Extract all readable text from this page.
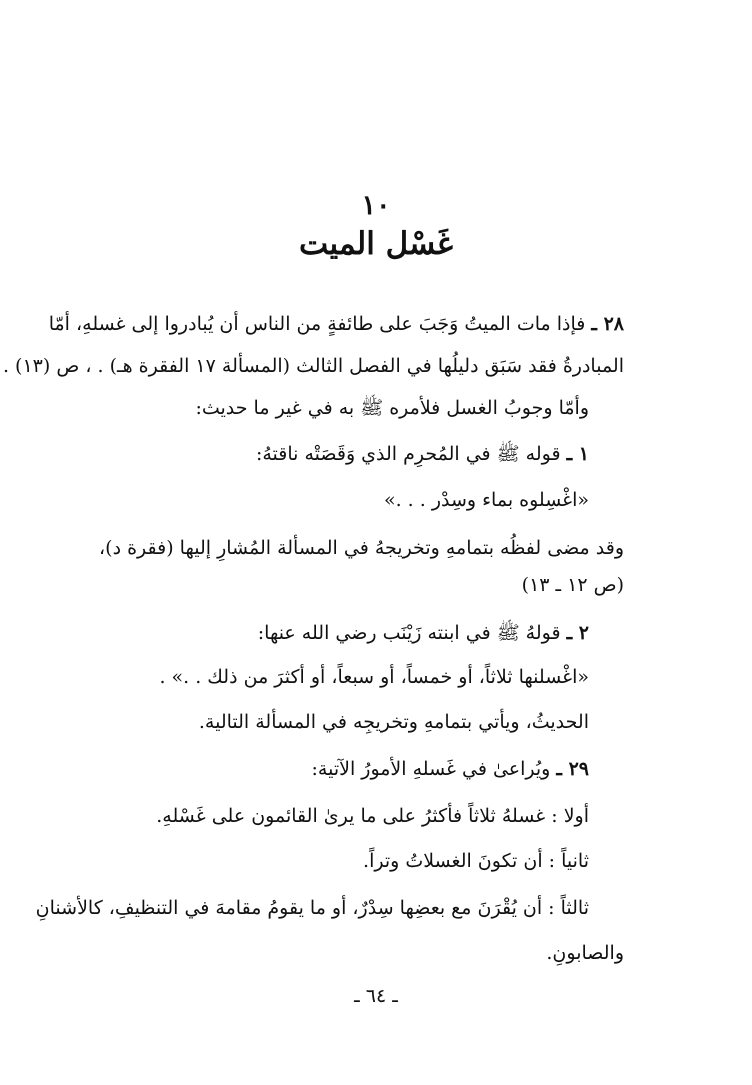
١٠
غَسْل الميت
٢٨ ـ فإذا مات الميتُ وَجَبَ على طائفةٍ من الناس أن يُبادروا إلى غسلهِ، أمّا
المبادرةُ فقد سَبَق دليلُها في الفصل الثالث (المسألة ١٧ الفقرة هـ) . ، ص (١٣) .
وأمّا وجوبُ الغسل فلأمره ﷺ به في غير ما حديث:
١ ـ قوله ﷺ في المُحرِم الذي وَقَصَتْه ناقتهُ:
«اغْسِلوه بماء وسِدْر . . .»
وقد مضى لفظُه بتمامهِ وتخريجهُ في المسألة المُشارِ إليها (فقرة د)،
(ص ١٢ ـ ١٣)
٢ ـ قولهُ ﷺ في ابنته زَيْنَب رضي الله عنها:
«اغْسلنها ثلاثاً، أو خمساً، أو سبعاً، أو أكثرَ من ذلك . .» .
الحديثُ، ويأتي بتمامهِ وتخريجِه في المسألة التالية.
٢٩ ـ ويُراعىٰ في غَسلهِ الأمورُ الآتية:
أولا : غسلهُ ثلاثاً فأكثرُ على ما يرىٰ القائمون على غَسْلهِ.
ثانياً : أن تكونَ الغسلاتُ وتراً.
ثالثاً : أن يُقْرَنَ مع بعضِها سِدْرٌ، أو ما يقومُ مقامهَ في التنظيفِ، كالأشنانِ
والصابونِ.
ـ ٦٤ ـ
